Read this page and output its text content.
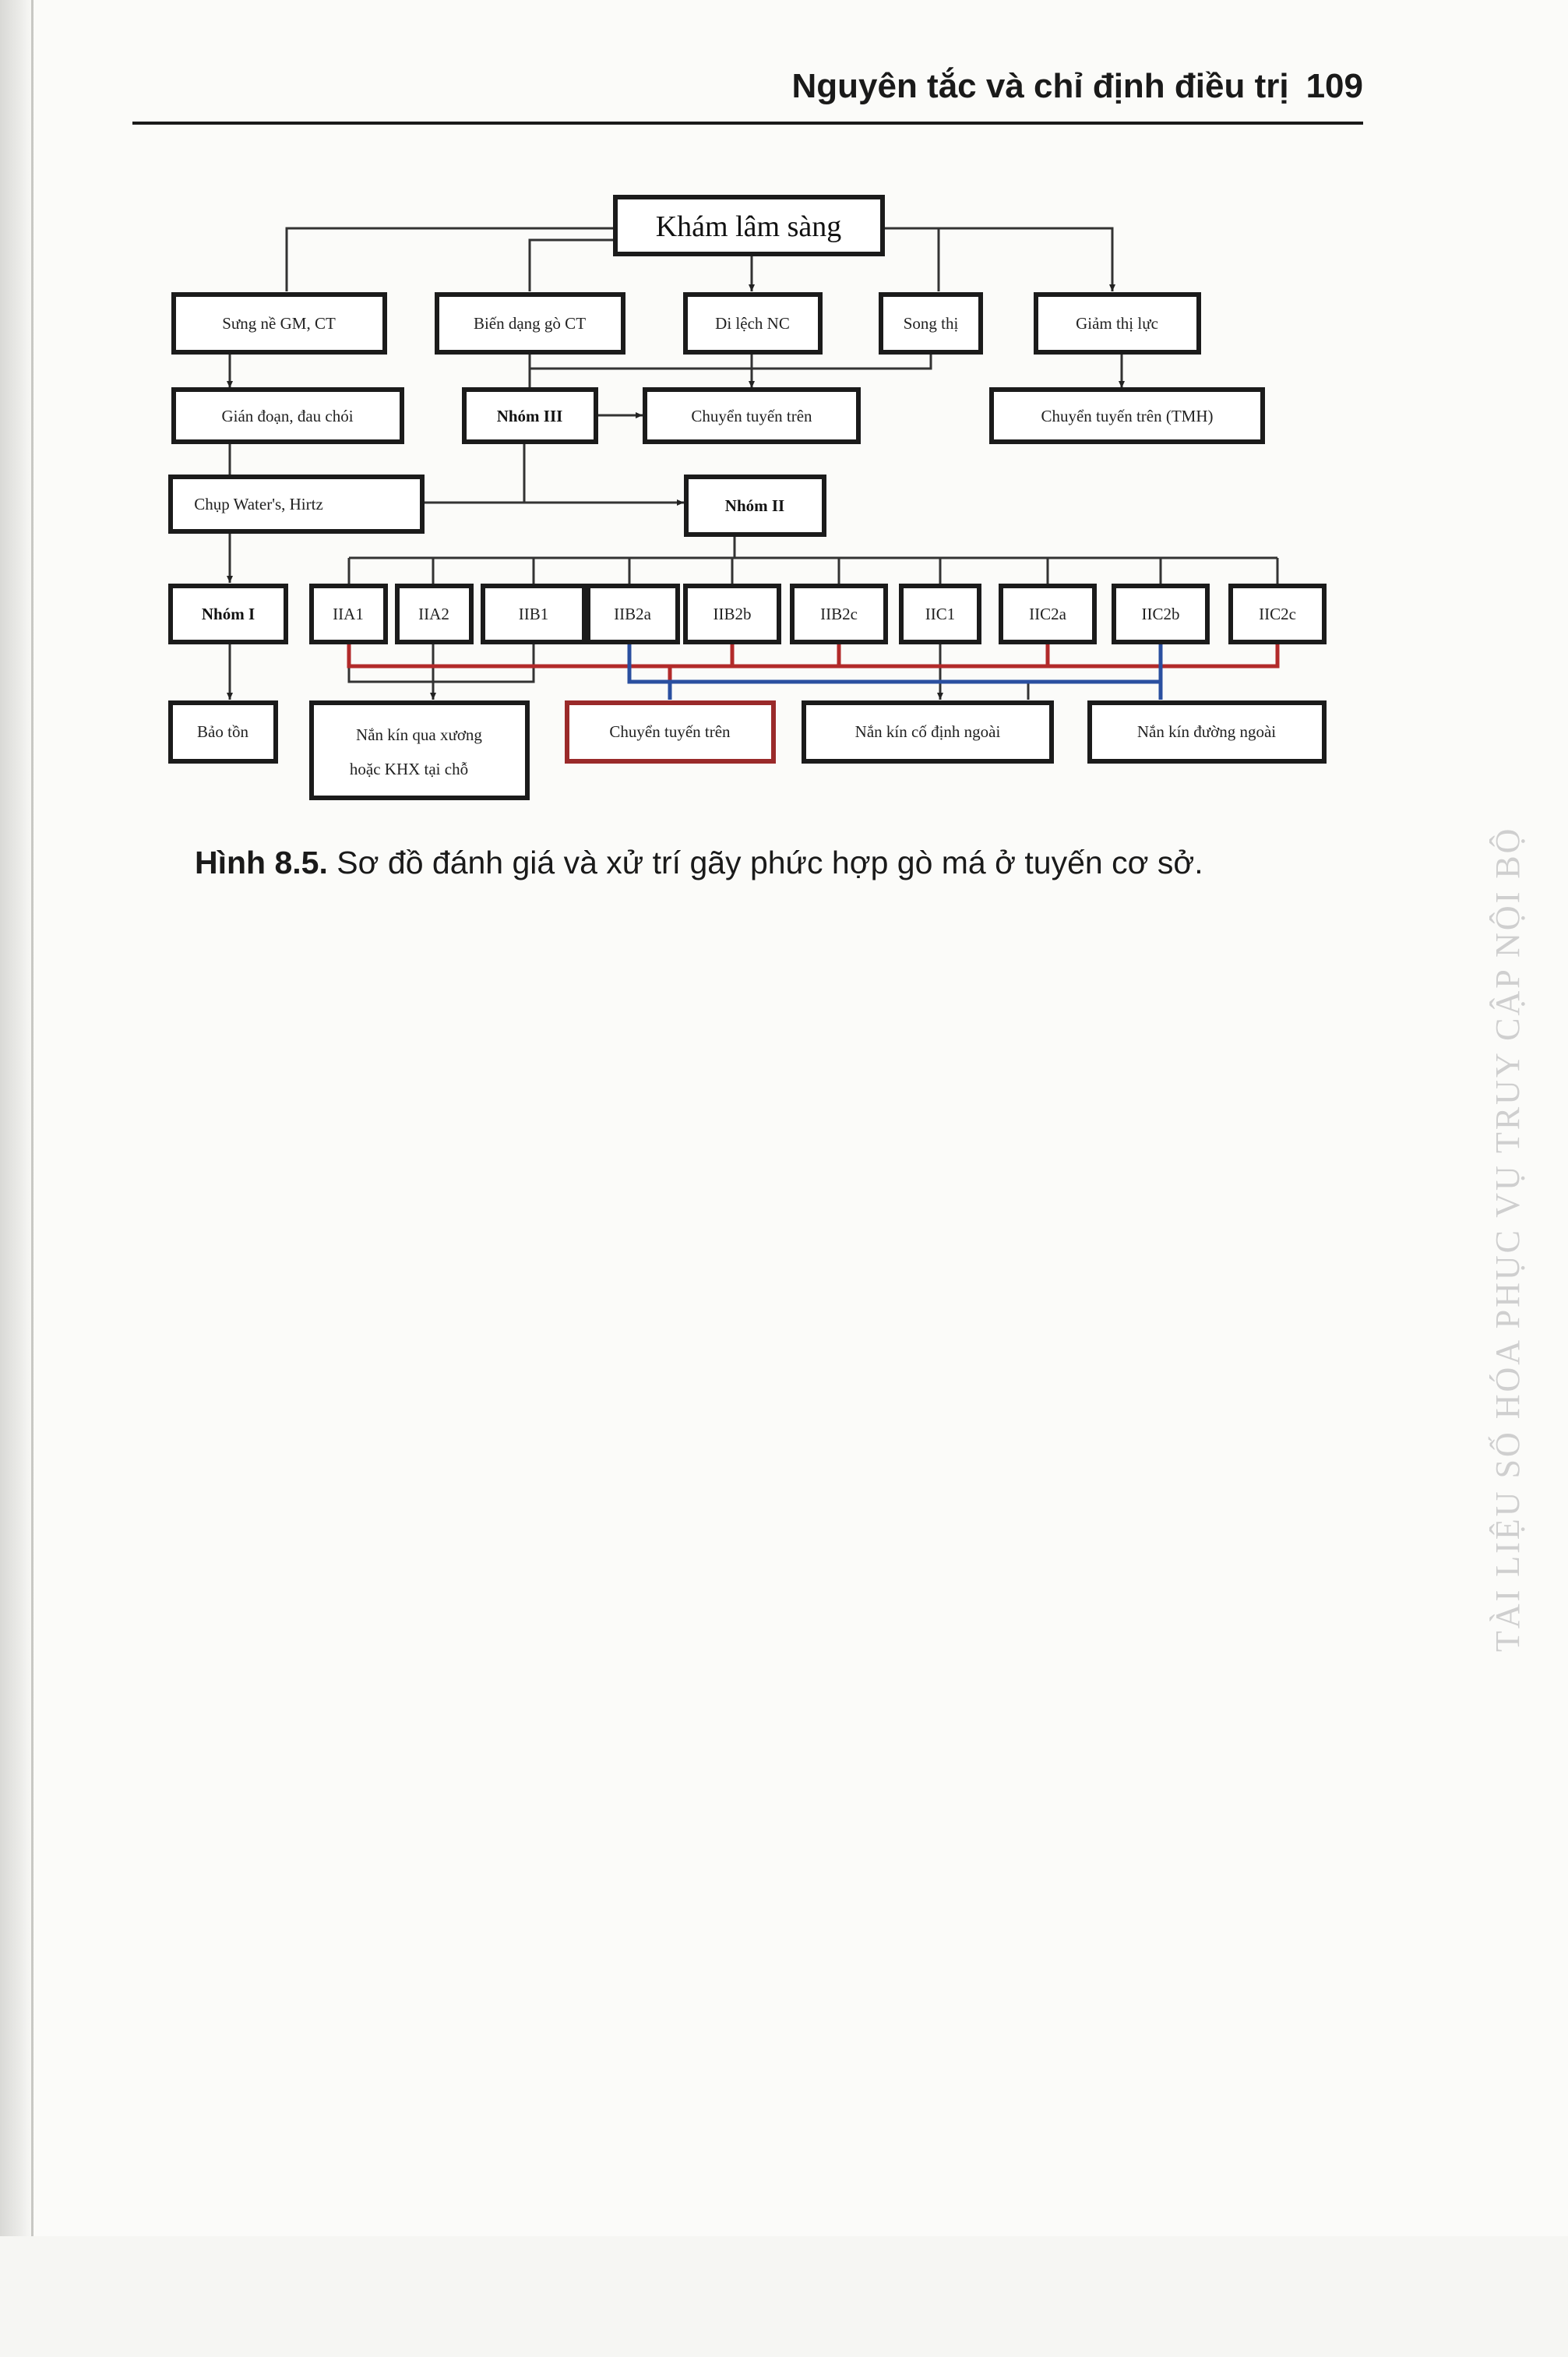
Nguyên tắc và chỉ định điều trị 109
Khám lâm sàng
Sưng nề GM, CT	Biến dạng gò CT	Di lệch NC	Song thị	Giảm thị lực
Gián đoạn, đau chói	Nhóm III	Chuyển tuyến trên	Chuyển tuyến trên (TMH)
Chụp Water's, Hirtz	Nhóm II
Nhóm I	IIA1	IIA2	IIB1	IIB2a	IIB2b	IIB2c	IIC1	IIC2a	IIC2b	IIC2c
Bảo tồn	Nắn kín qua xương
hoặc KHX tại chỗ
Chuyển tuyến trên	Nắn kín cố định ngoài	Nắn kín đường ngoài
Hình 8.5. Sơ đồ đánh giá và xử trí gãy phức hợp gò má ở tuyến cơ sở.	TÀI LIỆU SỐ HÓA PHỤC VỤ TRUY CẬP NỘI BỘ
